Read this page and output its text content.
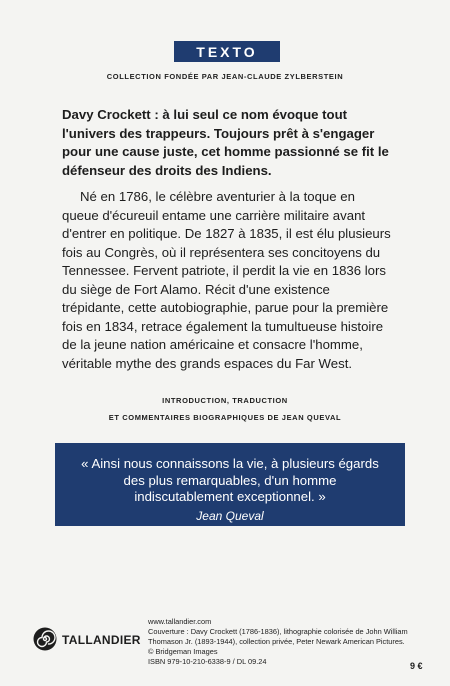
TEXTO
COLLECTION FONDÉE PAR JEAN-CLAUDE ZYLBERSTEIN

Davy Crockett : à lui seul ce nom évoque tout l'univers des trappeurs. Toujours prêt à s'engager pour une cause juste, cet homme passionné se fit le défenseur des droits des Indiens.

Né en 1786, le célèbre aventurier à la toque en queue d'écureuil entame une carrière militaire avant d'entrer en politique. De 1827 à 1835, il est élu plusieurs fois au Congrès, où il représentera ses concitoyens du Tennessee. Fervent patriote, il perdit la vie en 1836 lors du siège de Fort Alamo. Récit d'une existence trépidante, cette autobiographie, parue pour la première fois en 1834, retrace également la tumultueuse histoire de la jeune nation américaine et consacre l'homme, véritable mythe des grands espaces du Far West.

INTRODUCTION, TRADUCTION
ET COMMENTAIRES BIOGRAPHIQUES DE JEAN QUEVAL
« Ainsi nous connaissons la vie, à plusieurs égards des plus remarquables, d'un homme indiscutablement exceptionnel. »
Jean Queval
TALLANDIER
www.tallandier.com
Couverture : Davy Crockett (1786-1836), lithographie colorisée de John William
Thomason Jr. (1893-1944), collection privée, Peter Newark American Pictures.
© Bridgeman Images
ISBN 979-10-210-6338-9 / DL 09.24	9 €
